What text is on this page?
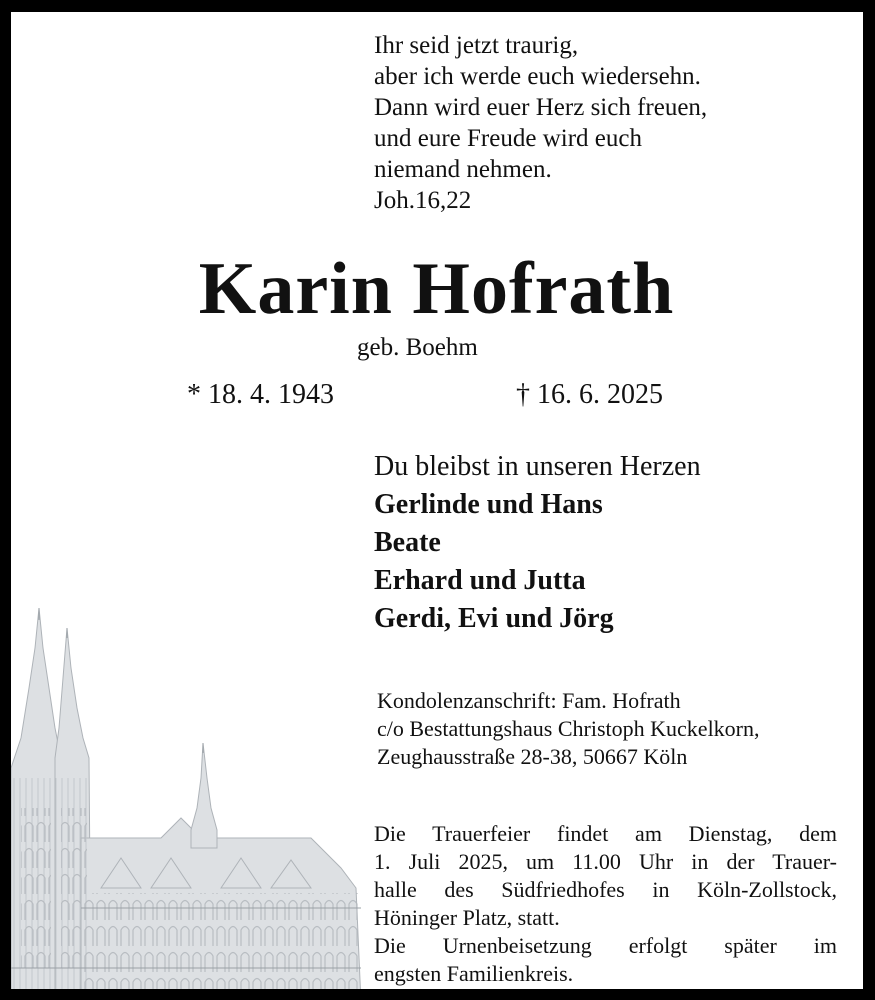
Ihr seid jetzt traurig,
aber ich werde euch wiedersehn.
Dann wird euer Herz sich freuen,
und eure Freude wird euch
niemand nehmen.
Joh.16,22
Karin Hofrath
geb. Boehm
* 18. 4. 1943	† 16. 6. 2025
Du bleibst in unseren Herzen
Gerlinde und Hans
Beate
Erhard und Jutta
Gerdi, Evi und Jörg
Kondolenzanschrift: Fam. Hofrath
c/o Bestattungshaus Christoph Kuckelkorn,
Zeughausstraße 28-38, 50667 Köln
Die Trauerfeier findet am Dienstag, dem
1. Juli 2025, um 11.00 Uhr in der Trauer-
halle des Südfriedhofes in Köln-Zollstock,
Höninger Platz, statt.
Die Urnenbeisetzung erfolgt später im
engsten Familienkreis.
